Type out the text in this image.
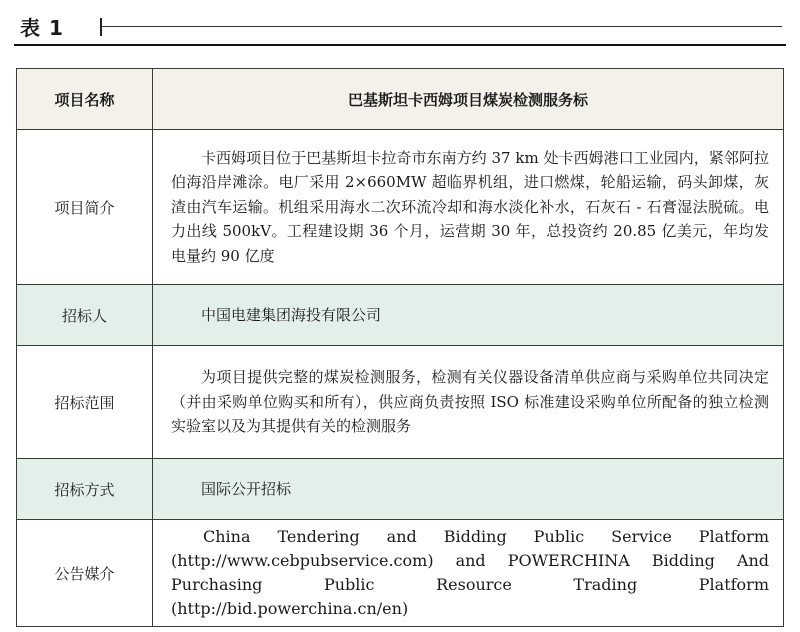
表 1
项目名称	巴基斯坦卡西姆项目煤炭检测服务标
项目简介	卡西姆项目位于巴基斯坦卡拉奇市东南方约 37 km 处卡西姆港口工业园内，紧邻阿拉伯海沿岸滩涂。电厂采用 2×660MW 超临界机组，进口燃煤，轮船运输，码头卸煤，灰渣由汽车运输。机组采用海水二次环流冷却和海水淡化补水，石灰石 - 石膏湿法脱硫。电力出线 500kV。工程建设期 36 个月，运营期 30 年，总投资约 20.85 亿美元，年均发电量约 90 亿度
招标人	中国电建集团海投有限公司
招标范围	为项目提供完整的煤炭检测服务，检测有关仪器设备清单供应商与采购单位共同决定（并由采购单位购买和所有），供应商负责按照 ISO 标准建设采购单位所配备的独立检测实验室以及为其提供有关的检测服务
招标方式	国际公开招标
公告媒介	China Tendering and Bidding Public Service Platform (http://www.cebpubservice.com) and POWERCHINA Bidding And Purchasing Public Resource Trading Platform (http://bid.powerchina.cn/en)
